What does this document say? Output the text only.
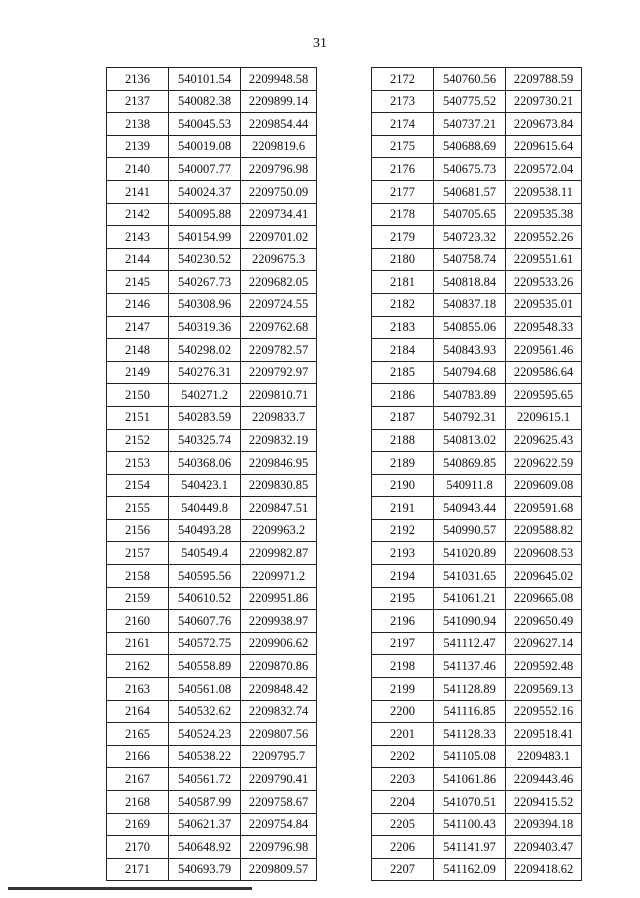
31
2136	540101.54	2209948.58
2137	540082.38	2209899.14
2138	540045.53	2209854.44
2139	540019.08	2209819.6
2140	540007.77	2209796.98
2141	540024.37	2209750.09
2142	540095.88	2209734.41
2143	540154.99	2209701.02
2144	540230.52	2209675.3
2145	540267.73	2209682.05
2146	540308.96	2209724.55
2147	540319.36	2209762.68
2148	540298.02	2209782.57
2149	540276.31	2209792.97
2150	540271.2	2209810.71
2151	540283.59	2209833.7
2152	540325.74	2209832.19
2153	540368.06	2209846.95
2154	540423.1	2209830.85
2155	540449.8	2209847.51
2156	540493.28	2209963.2
2157	540549.4	2209982.87
2158	540595.56	2209971.2
2159	540610.52	2209951.86
2160	540607.76	2209938.97
2161	540572.75	2209906.62
2162	540558.89	2209870.86
2163	540561.08	2209848.42
2164	540532.62	2209832.74
2165	540524.23	2209807.56
2166	540538.22	2209795.7
2167	540561.72	2209790.41
2168	540587.99	2209758.67
2169	540621.37	2209754.84
2170	540648.92	2209796.98
2171	540693.79	2209809.57
2172	540760.56	2209788.59
2173	540775.52	2209730.21
2174	540737.21	2209673.84
2175	540688.69	2209615.64
2176	540675.73	2209572.04
2177	540681.57	2209538.11
2178	540705.65	2209535.38
2179	540723.32	2209552.26
2180	540758.74	2209551.61
2181	540818.84	2209533.26
2182	540837.18	2209535.01
2183	540855.06	2209548.33
2184	540843.93	2209561.46
2185	540794.68	2209586.64
2186	540783.89	2209595.65
2187	540792.31	2209615.1
2188	540813.02	2209625.43
2189	540869.85	2209622.59
2190	540911.8	2209609.08
2191	540943.44	2209591.68
2192	540990.57	2209588.82
2193	541020.89	2209608.53
2194	541031.65	2209645.02
2195	541061.21	2209665.08
2196	541090.94	2209650.49
2197	541112.47	2209627.14
2198	541137.46	2209592.48
2199	541128.89	2209569.13
2200	541116.85	2209552.16
2201	541128.33	2209518.41
2202	541105.08	2209483.1
2203	541061.86	2209443.46
2204	541070.51	2209415.52
2205	541100.43	2209394.18
2206	541141.97	2209403.47
2207	541162.09	2209418.62
